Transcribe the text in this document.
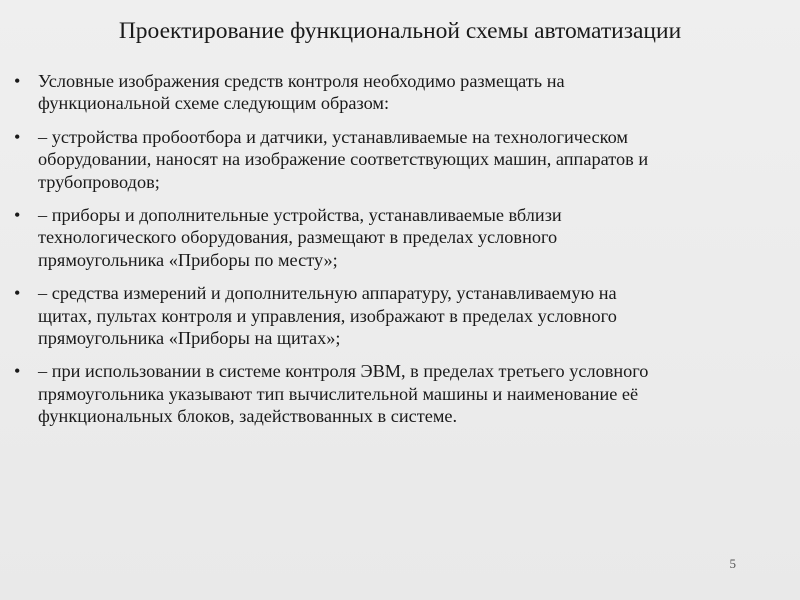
Проектирование функциональной схемы автоматизации
• Условные изображения средств контроля необходимо размещать на
функциональной схеме следующим образом:
• – устройства пробоотбора и датчики, устанавливаемые на технологическом
оборудовании, наносят на изображение соответствующих машин, аппаратов и
трубопроводов;
• – приборы и дополнительные устройства, устанавливаемые вблизи
технологического оборудования, размещают в пределах условного
прямоугольника «Приборы по месту»;
• – средства измерений и дополнительную аппаратуру, устанавливаемую на
щитах, пультах контроля и управления, изображают в пределах условного
прямоугольника «Приборы на щитах»;
• – при использовании в системе контроля ЭВМ, в пределах третьего условного
прямоугольника указывают тип вычислительной машины и наименование её
функциональных блоков, задействованных в системе.
5
